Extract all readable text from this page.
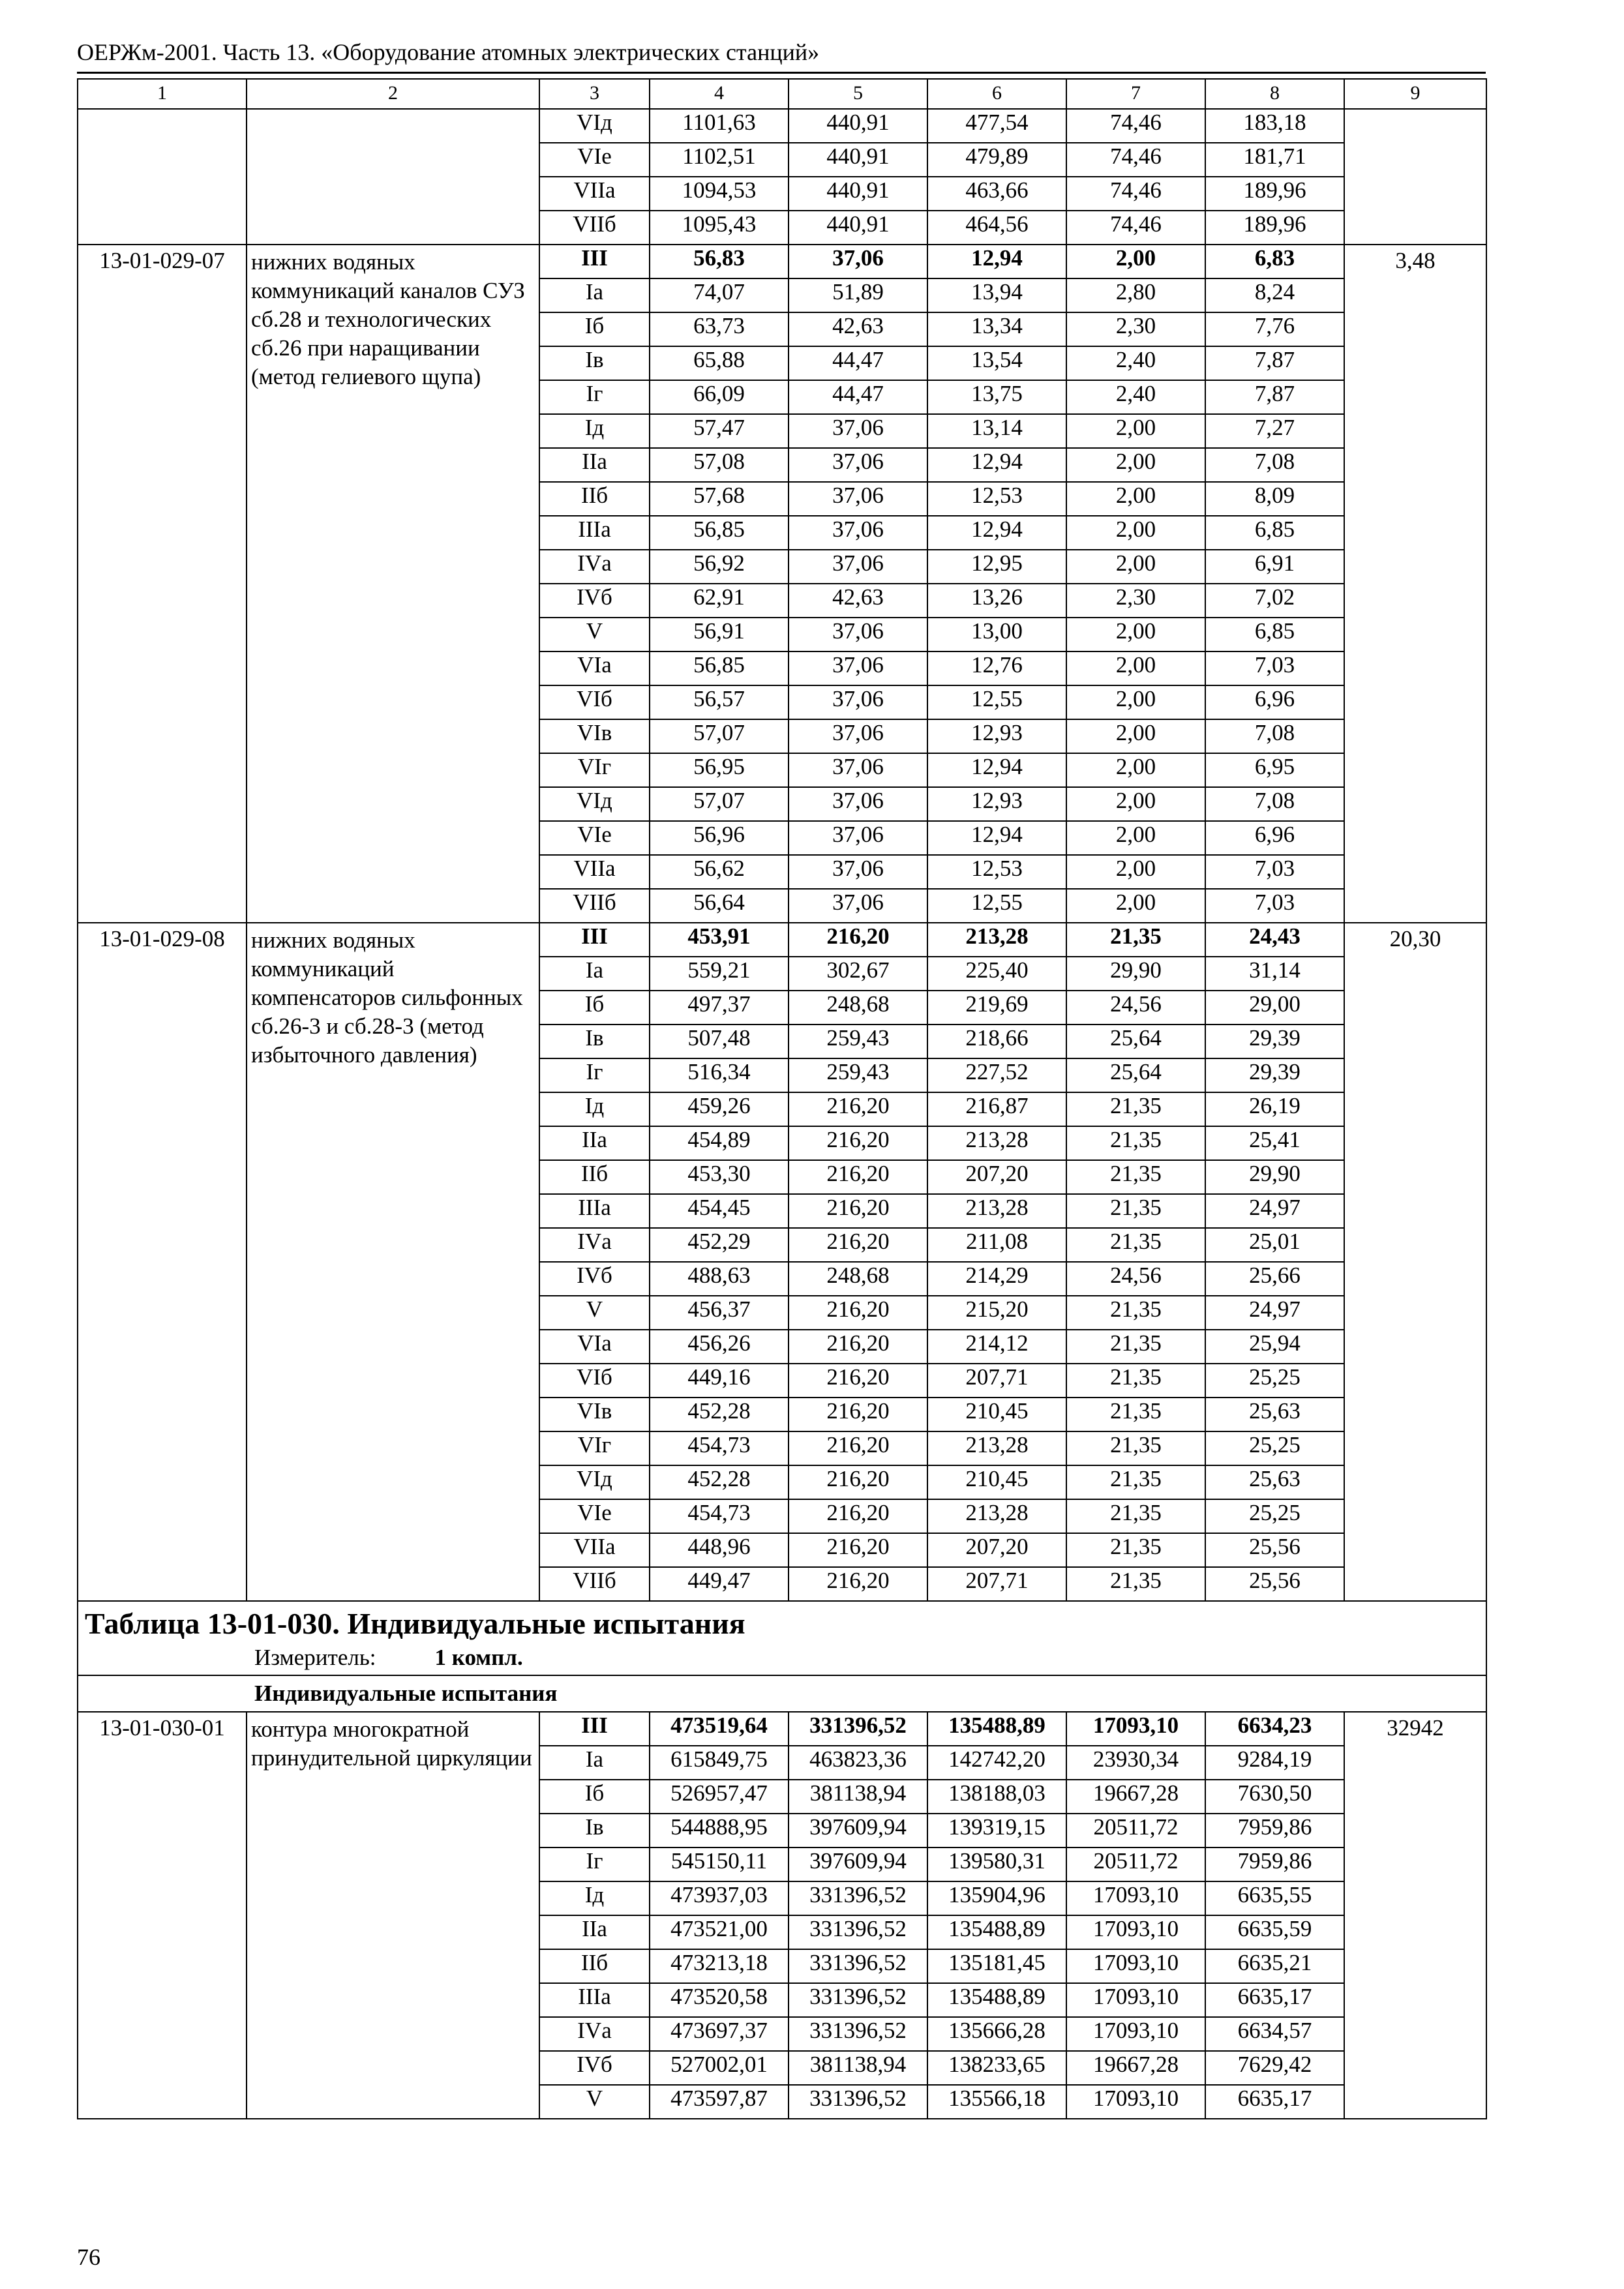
ОЕРЖм-2001. Часть 13. «Оборудование атомных электрических станций»
1	2	3	4	5	6	7	8	9
		VIд	1101,63	440,91	477,54	74,46	183,18	
		VIе	1102,51	440,91	479,89	74,46	181,71	
		VIIа	1094,53	440,91	463,66	74,46	189,96	
		VIIб	1095,43	440,91	464,56	74,46	189,96	
13-01-029-07	нижних водяных коммуникаций каналов СУЗ сб.28 и технологических сб.26 при наращивании (метод гелиевого щупа)	III	56,83	37,06	12,94	2,00	6,83	3,48
		Iа	74,07	51,89	13,94	2,80	8,24	
		Iб	63,73	42,63	13,34	2,30	7,76	
		Iв	65,88	44,47	13,54	2,40	7,87	
		Iг	66,09	44,47	13,75	2,40	7,87	
		Iд	57,47	37,06	13,14	2,00	7,27	
		IIа	57,08	37,06	12,94	2,00	7,08	
		IIб	57,68	37,06	12,53	2,00	8,09	
		IIIа	56,85	37,06	12,94	2,00	6,85	
		IVа	56,92	37,06	12,95	2,00	6,91	
		IVб	62,91	42,63	13,26	2,30	7,02	
		V	56,91	37,06	13,00	2,00	6,85	
		VIа	56,85	37,06	12,76	2,00	7,03	
		VIб	56,57	37,06	12,55	2,00	6,96	
		VIв	57,07	37,06	12,93	2,00	7,08	
		VIг	56,95	37,06	12,94	2,00	6,95	
		VIд	57,07	37,06	12,93	2,00	7,08	
		VIе	56,96	37,06	12,94	2,00	6,96	
		VIIа	56,62	37,06	12,53	2,00	7,03	
		VIIб	56,64	37,06	12,55	2,00	7,03	
13-01-029-08	нижних водяных коммуникаций компенсаторов сильфонных сб.26-3 и сб.28-3 (метод избыточного давления)	III	453,91	216,20	213,28	21,35	24,43	20,30
		Iа	559,21	302,67	225,40	29,90	31,14	
		Iб	497,37	248,68	219,69	24,56	29,00	
		Iв	507,48	259,43	218,66	25,64	29,39	
		Iг	516,34	259,43	227,52	25,64	29,39	
		Iд	459,26	216,20	216,87	21,35	26,19	
		IIа	454,89	216,20	213,28	21,35	25,41	
		IIб	453,30	216,20	207,20	21,35	29,90	
		IIIа	454,45	216,20	213,28	21,35	24,97	
		IVа	452,29	216,20	211,08	21,35	25,01	
		IVб	488,63	248,68	214,29	24,56	25,66	
		V	456,37	216,20	215,20	21,35	24,97	
		VIа	456,26	216,20	214,12	21,35	25,94	
		VIб	449,16	216,20	207,71	21,35	25,25	
		VIв	452,28	216,20	210,45	21,35	25,63	
		VIг	454,73	216,20	213,28	21,35	25,25	
		VIд	452,28	216,20	210,45	21,35	25,63	
		VIе	454,73	216,20	213,28	21,35	25,25	
		VIIа	448,96	216,20	207,20	21,35	25,56	
		VIIб	449,47	216,20	207,71	21,35	25,56	

Таблица 13-01-030. Индивидуальные испытания
Измеритель: 1 компл.								

Индивидуальные испытания								

13-01-030-01	контура многократной принудительной циркуляции	III	473519,64	331396,52	135488,89	17093,10	6634,23	32942
		Iа	615849,75	463823,36	142742,20	23930,34	9284,19	
		Iб	526957,47	381138,94	138188,03	19667,28	7630,50	
		Iв	544888,95	397609,94	139319,15	20511,72	7959,86	
		Iг	545150,11	397609,94	139580,31	20511,72	7959,86	
		Iд	473937,03	331396,52	135904,96	17093,10	6635,55	
		IIа	473521,00	331396,52	135488,89	17093,10	6635,59	
		IIб	473213,18	331396,52	135181,45	17093,10	6635,21	
		IIIа	473520,58	331396,52	135488,89	17093,10	6635,17	
		IVа	473697,37	331396,52	135666,28	17093,10	6634,57	
		IVб	527002,01	381138,94	138233,65	19667,28	7629,42	
		V	473597,87	331396,52	135566,18	17093,10	6635,17	
76
